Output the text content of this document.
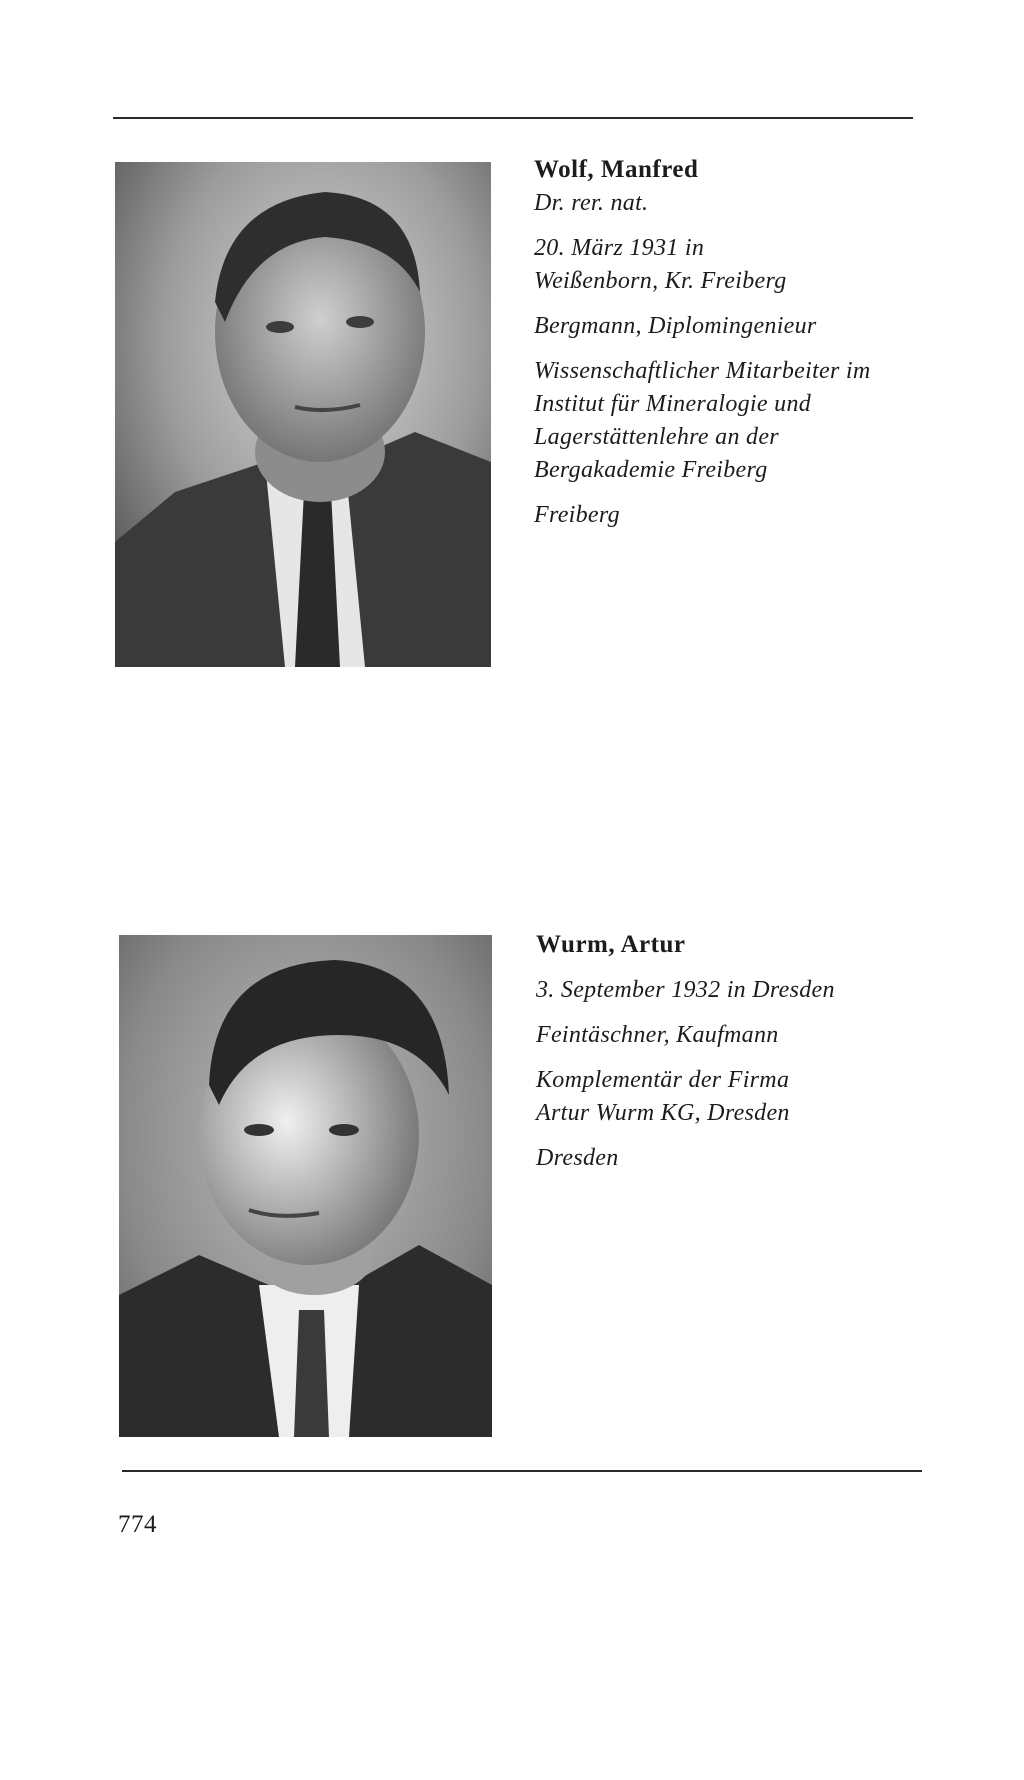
Wolf, Manfred

Dr. rer. nat.

20. März 1931 in

Weißenborn, Kr. Freiberg

Bergmann, Diplomingenieur

Wissenschaftlicher Mitarbeiter im

Institut für Mineralogie und

Lagerstättenlehre an der

Bergakademie Freiberg

Freiberg

Wurm, Artur

3. September 1932 in Dresden

Feintäschner, Kaufmann

Komplementär der Firma

Artur Wurm KG, Dresden

Dresden

774
